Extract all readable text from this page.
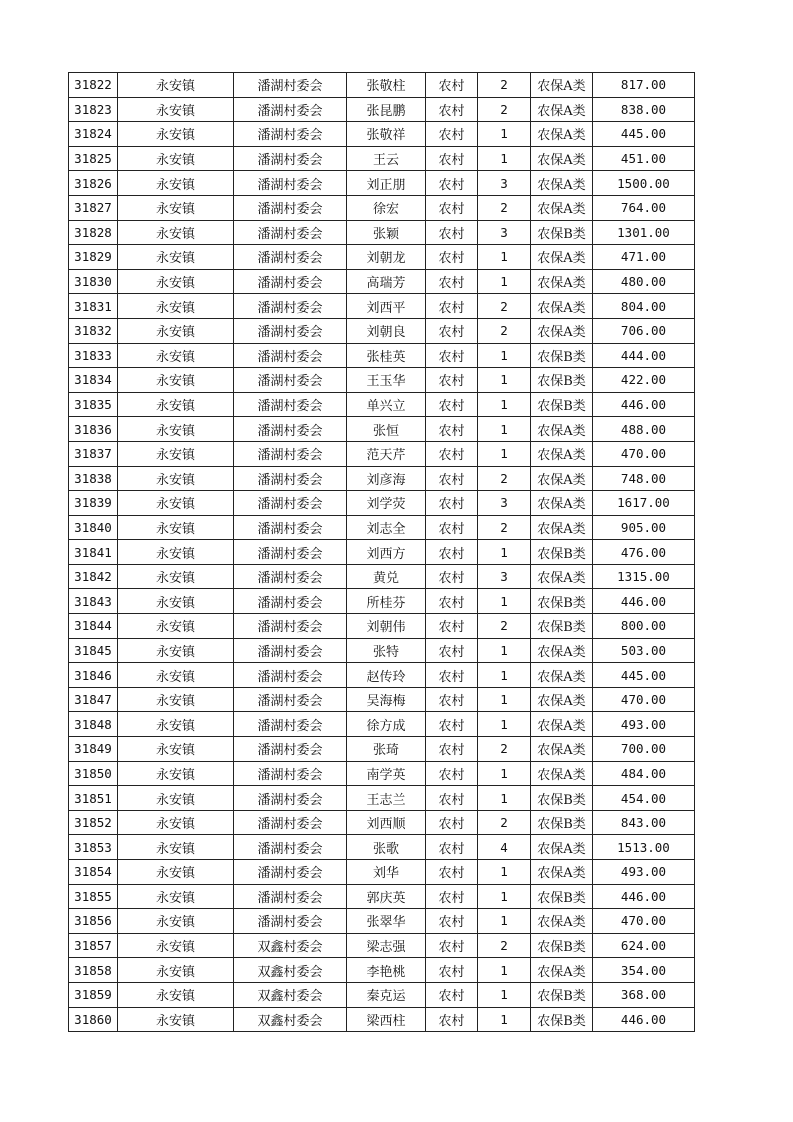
31822	永安镇	潘湖村委会	张敬柱	农村	2	农保A类	817.00
31823	永安镇	潘湖村委会	张昆鹏	农村	2	农保A类	838.00
31824	永安镇	潘湖村委会	张敬祥	农村	1	农保A类	445.00
31825	永安镇	潘湖村委会	王云	农村	1	农保A类	451.00
31826	永安镇	潘湖村委会	刘正朋	农村	3	农保A类	1500.00
31827	永安镇	潘湖村委会	徐宏	农村	2	农保A类	764.00
31828	永安镇	潘湖村委会	张颖	农村	3	农保B类	1301.00
31829	永安镇	潘湖村委会	刘朝龙	农村	1	农保A类	471.00
31830	永安镇	潘湖村委会	高瑞芳	农村	1	农保A类	480.00
31831	永安镇	潘湖村委会	刘西平	农村	2	农保A类	804.00
31832	永安镇	潘湖村委会	刘朝良	农村	2	农保A类	706.00
31833	永安镇	潘湖村委会	张桂英	农村	1	农保B类	444.00
31834	永安镇	潘湖村委会	王玉华	农村	1	农保B类	422.00
31835	永安镇	潘湖村委会	单兴立	农村	1	农保B类	446.00
31836	永安镇	潘湖村委会	张恒	农村	1	农保A类	488.00
31837	永安镇	潘湖村委会	范天芹	农村	1	农保A类	470.00
31838	永安镇	潘湖村委会	刘彦海	农村	2	农保A类	748.00
31839	永安镇	潘湖村委会	刘学荧	农村	3	农保A类	1617.00
31840	永安镇	潘湖村委会	刘志全	农村	2	农保A类	905.00
31841	永安镇	潘湖村委会	刘西方	农村	1	农保B类	476.00
31842	永安镇	潘湖村委会	黄兑	农村	3	农保A类	1315.00
31843	永安镇	潘湖村委会	所桂芬	农村	1	农保B类	446.00
31844	永安镇	潘湖村委会	刘朝伟	农村	2	农保B类	800.00
31845	永安镇	潘湖村委会	张特	农村	1	农保A类	503.00
31846	永安镇	潘湖村委会	赵传玲	农村	1	农保A类	445.00
31847	永安镇	潘湖村委会	吴海梅	农村	1	农保A类	470.00
31848	永安镇	潘湖村委会	徐方成	农村	1	农保A类	493.00
31849	永安镇	潘湖村委会	张琦	农村	2	农保A类	700.00
31850	永安镇	潘湖村委会	南学英	农村	1	农保A类	484.00
31851	永安镇	潘湖村委会	王志兰	农村	1	农保B类	454.00
31852	永安镇	潘湖村委会	刘西顺	农村	2	农保B类	843.00
31853	永安镇	潘湖村委会	张歌	农村	4	农保A类	1513.00
31854	永安镇	潘湖村委会	刘华	农村	1	农保A类	493.00
31855	永安镇	潘湖村委会	郭庆英	农村	1	农保B类	446.00
31856	永安镇	潘湖村委会	张翠华	农村	1	农保A类	470.00
31857	永安镇	双鑫村委会	梁志强	农村	2	农保B类	624.00
31858	永安镇	双鑫村委会	李艳桃	农村	1	农保A类	354.00
31859	永安镇	双鑫村委会	秦克运	农村	1	农保B类	368.00
31860	永安镇	双鑫村委会	梁西柱	农村	1	农保B类	446.00
